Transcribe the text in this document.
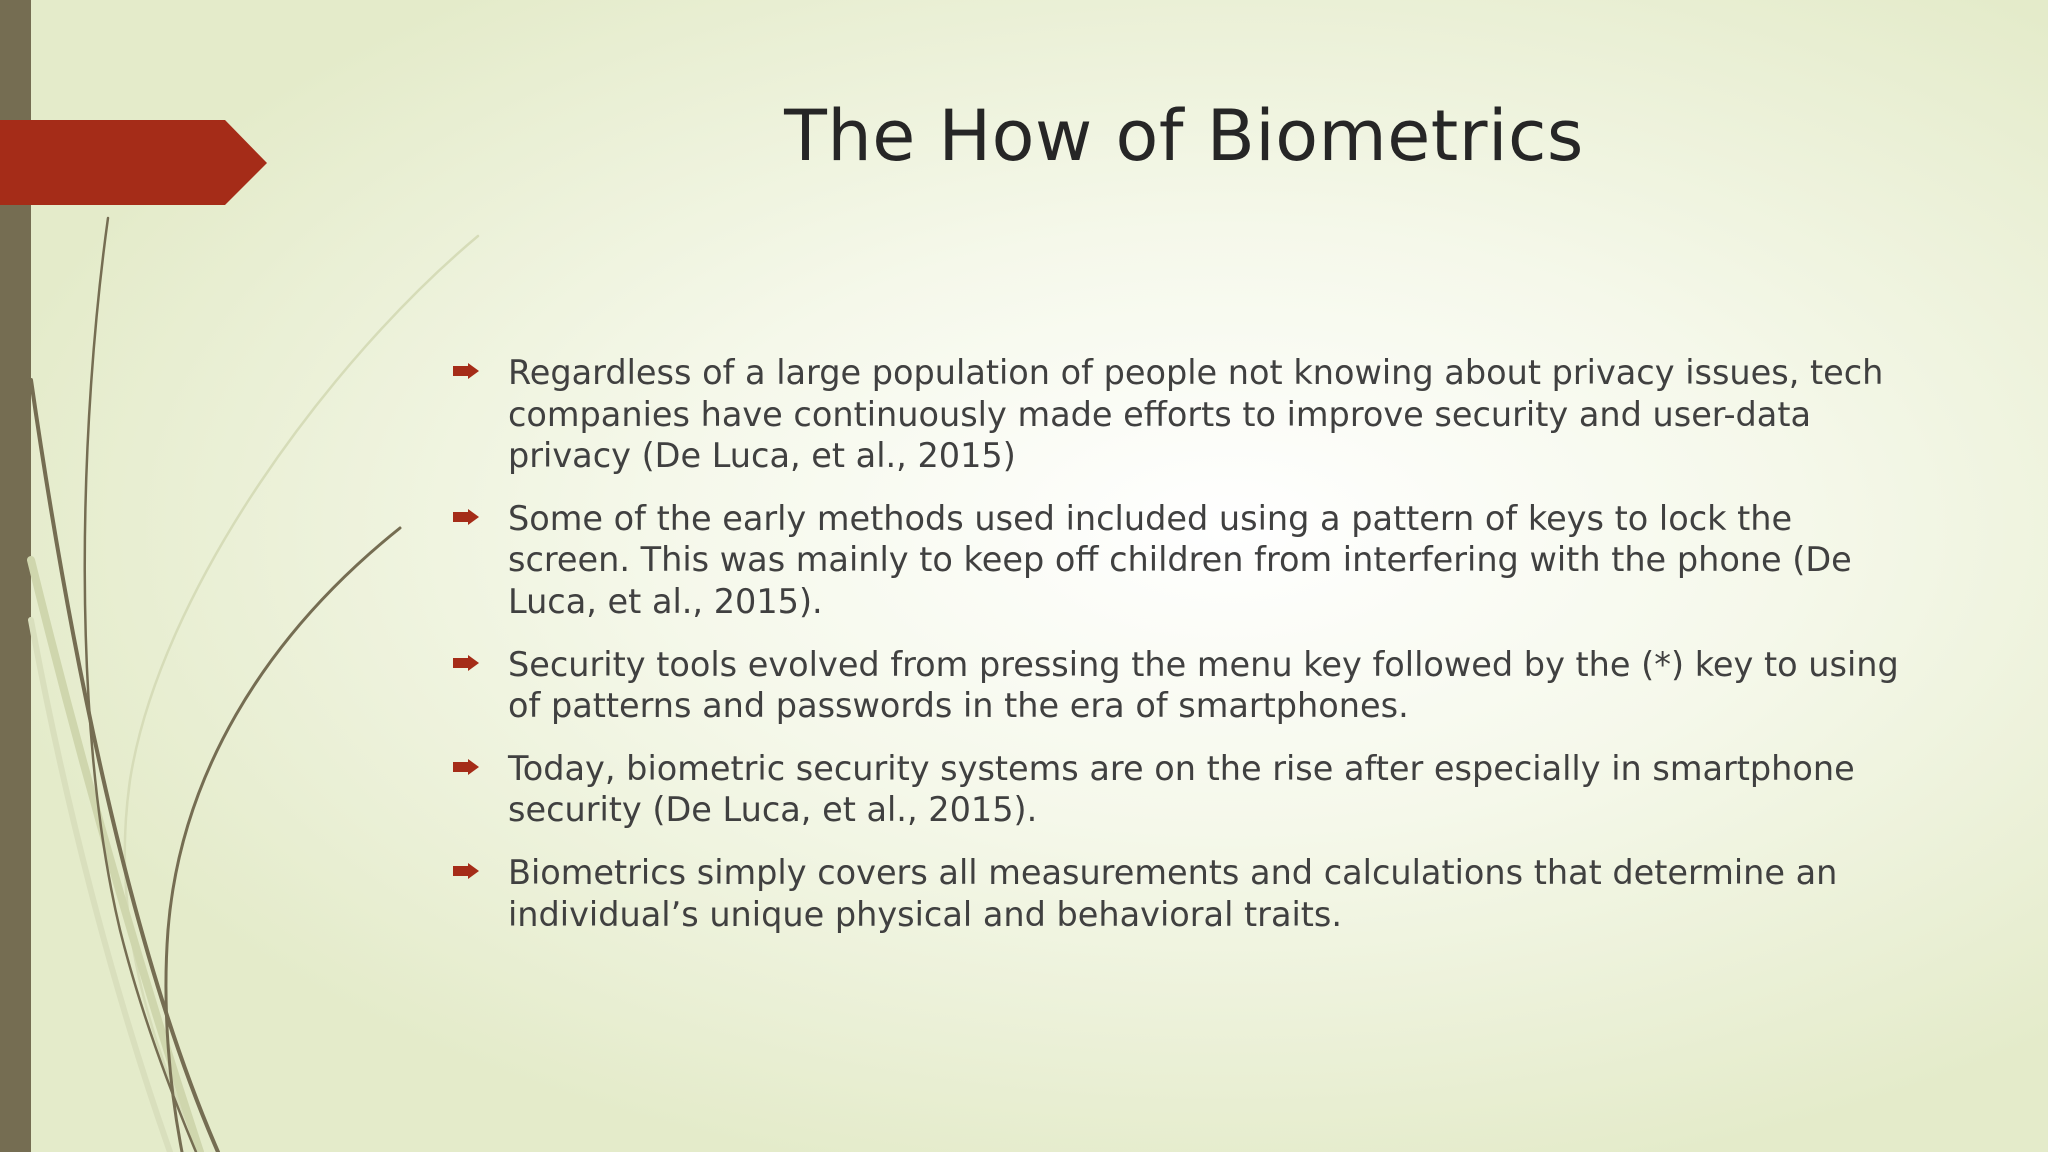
The How of Biometrics
Regardless of a large population of people not knowing about privacy issues, tech companies have continuously made efforts to improve security and user-data privacy (De Luca, et al., 2015)
Some of the early methods used included using a pattern of keys to lock the screen. This was mainly to keep off children from interfering with the phone (De Luca, et al., 2015).
Security tools evolved from pressing the menu key followed by the (*) key to using of patterns and passwords in the era of smartphones.
Today, biometric security systems are on the rise after especially in smartphone security (De Luca, et al., 2015).
Biometrics simply covers all measurements and calculations that determine an individual’s unique physical and behavioral traits.
